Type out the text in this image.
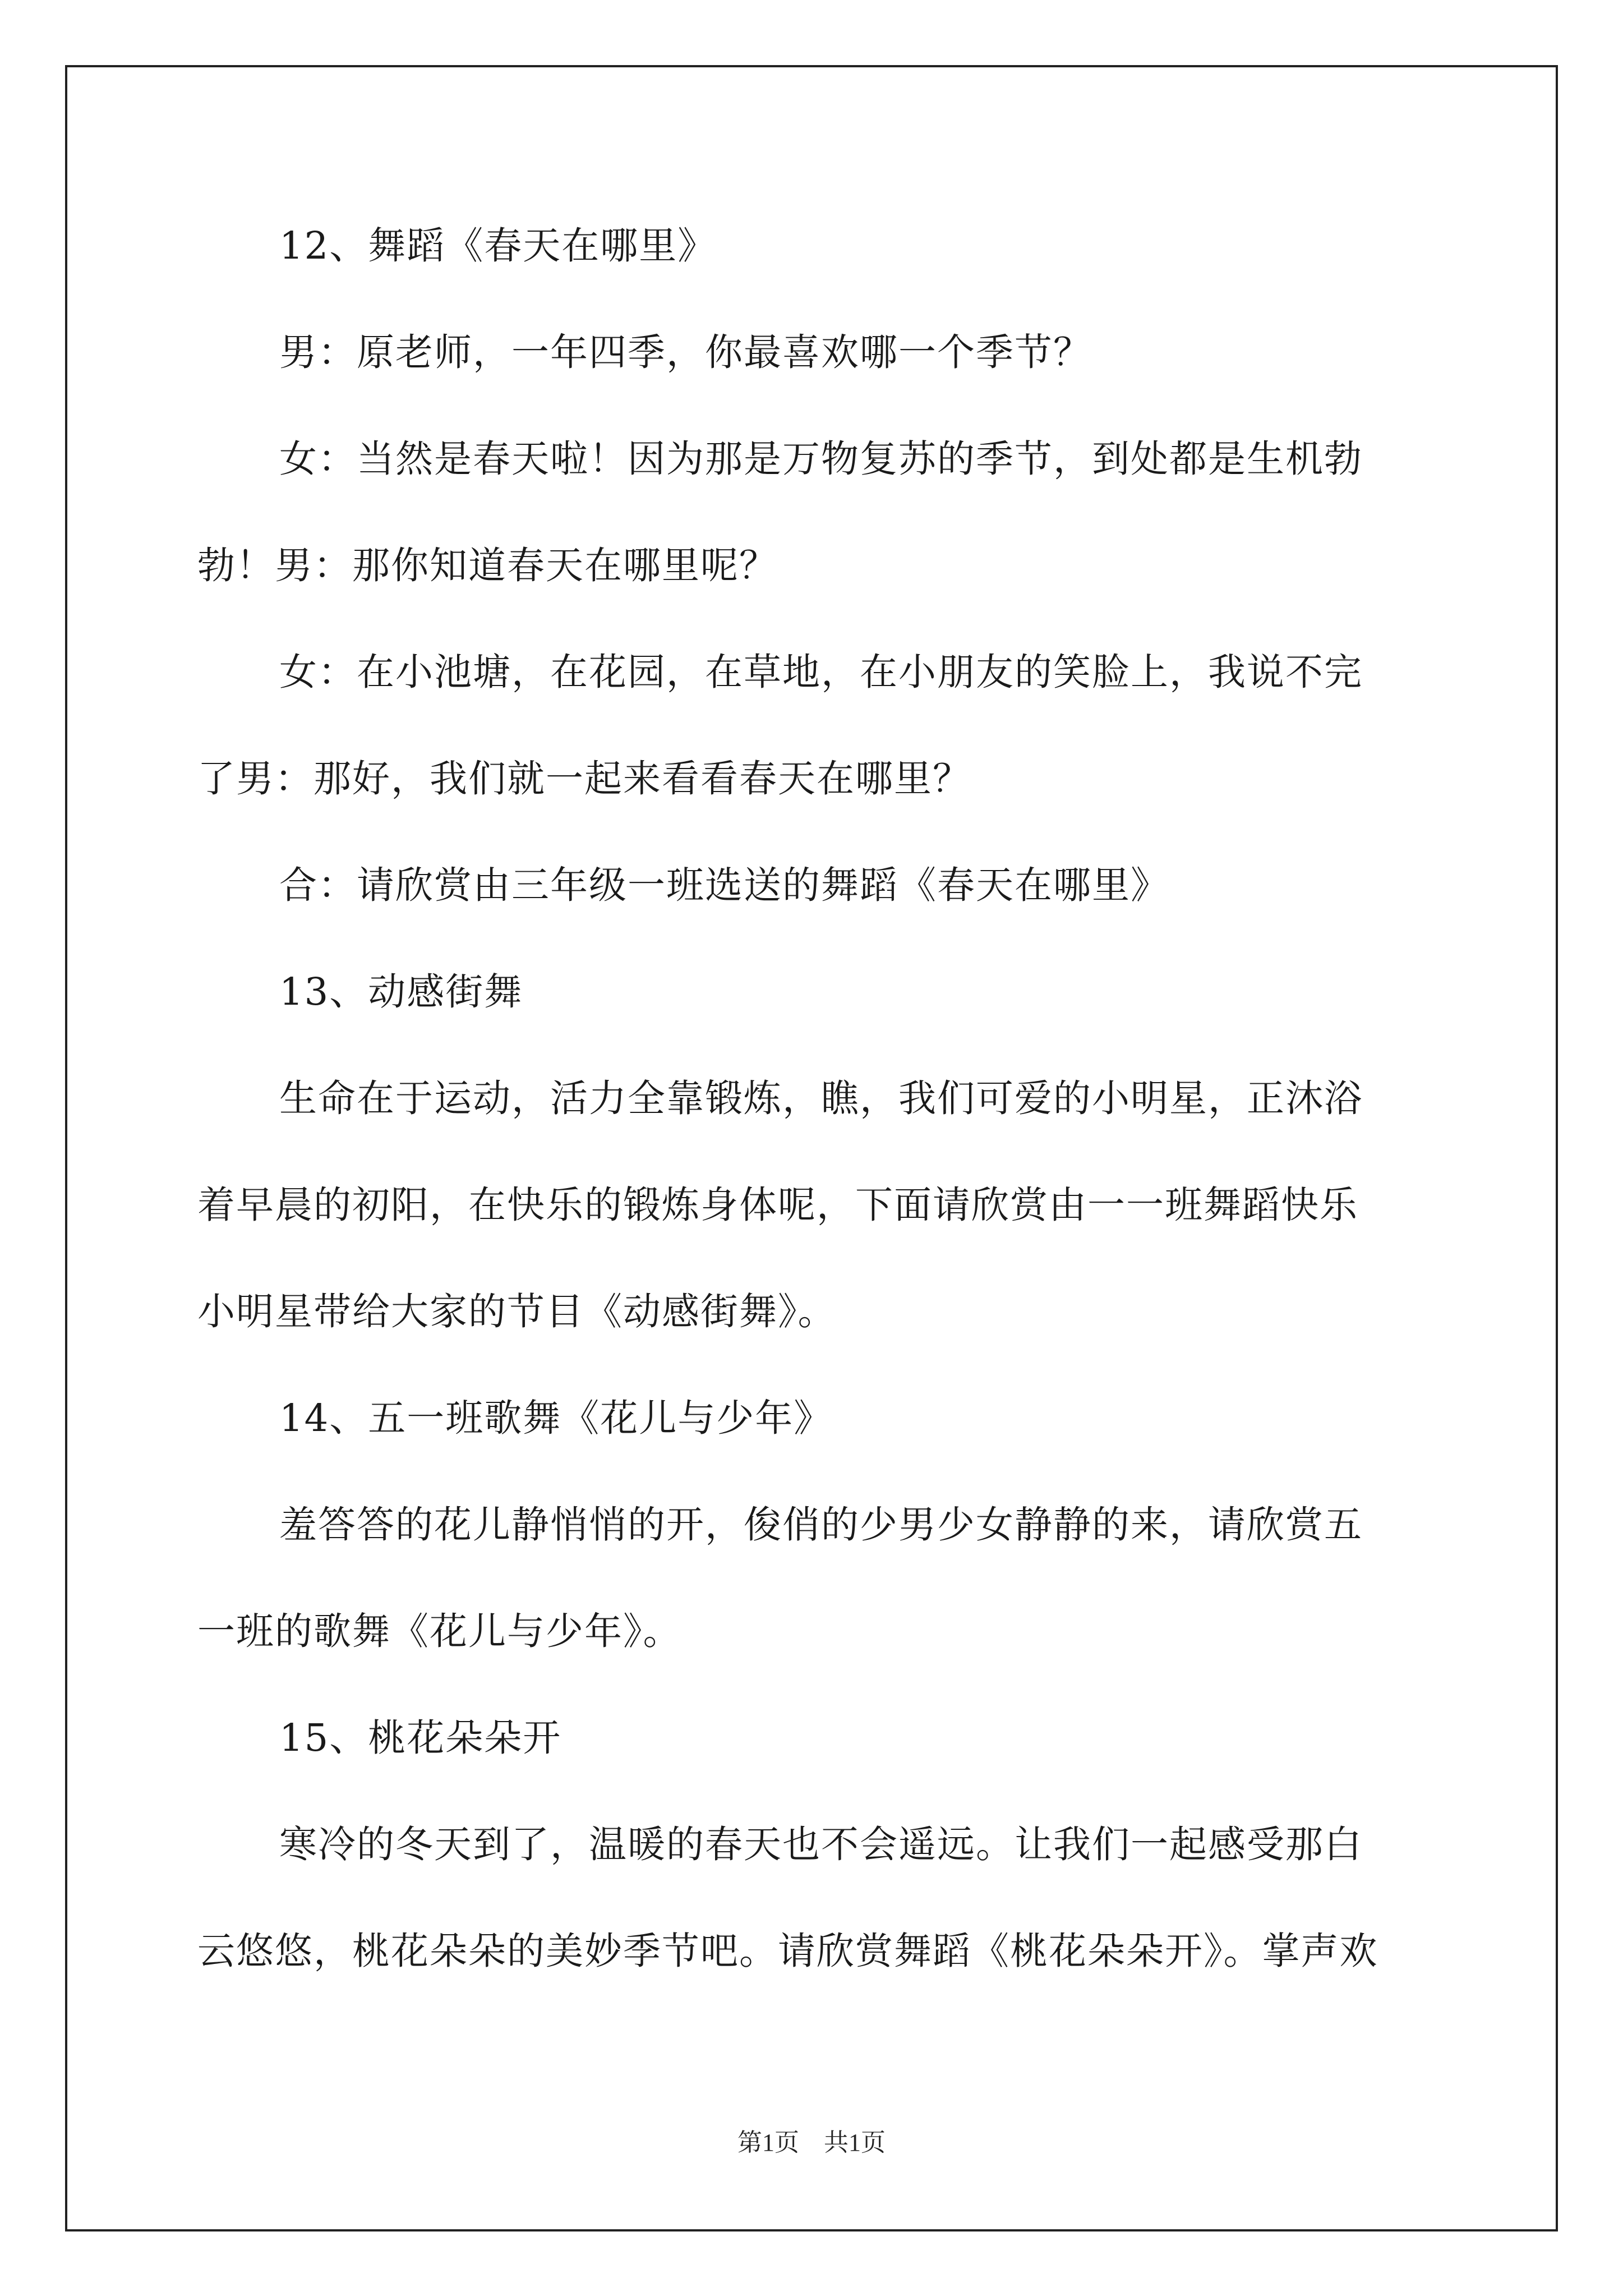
12、舞蹈《春天在哪里》
男：原老师，一年四季，你最喜欢哪一个季节？
女：当然是春天啦！因为那是万物复苏的季节，到处都是生机勃
勃！男：那你知道春天在哪里呢？
女：在小池塘，在花园，在草地，在小朋友的笑脸上，我说不完
了男：那好，我们就一起来看看春天在哪里？
合：请欣赏由三年级一班选送的舞蹈《春天在哪里》
13、动感街舞
生命在于运动，活力全靠锻炼，瞧，我们可爱的小明星，正沐浴
着早晨的初阳，在快乐的锻炼身体呢，下面请欣赏由一一班舞蹈快乐
小明星带给大家的节目《动感街舞》。
14、五一班歌舞《花儿与少年》
羞答答的花儿静悄悄的开，俊俏的少男少女静静的来，请欣赏五
一班的歌舞《花儿与少年》。
15、桃花朵朵开
寒冷的冬天到了，温暖的春天也不会遥远。让我们一起感受那白
云悠悠，桃花朵朵的美妙季节吧。请欣赏舞蹈《桃花朵朵开》。掌声欢
第1页 共1页
